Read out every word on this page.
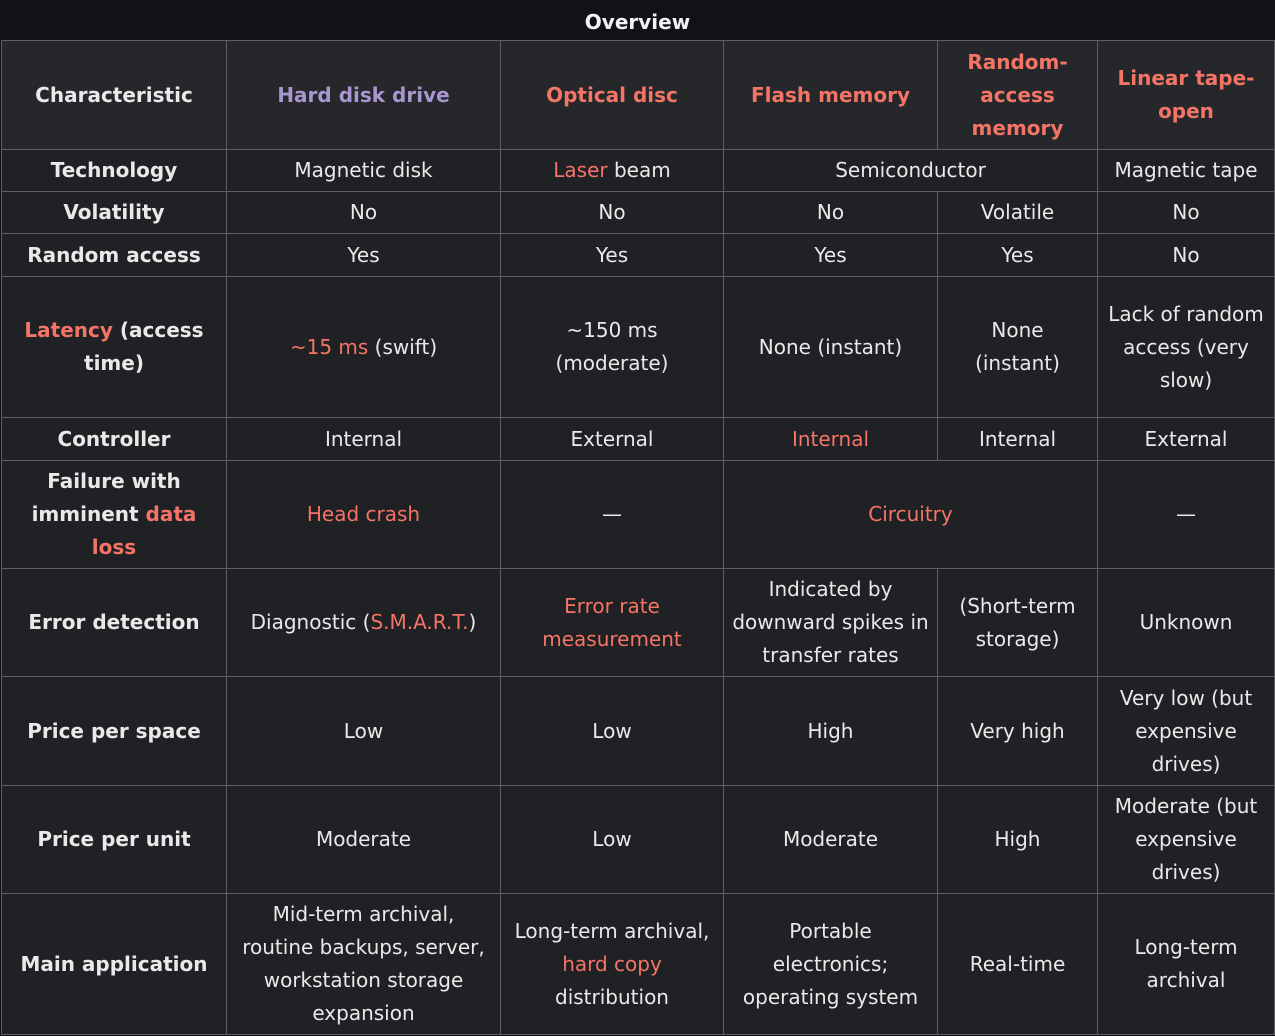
Overview
Characteristic	Hard disk drive	Optical disc	Flash memory	Random-access memory	Linear tape-open
Technology	Magnetic disk	Laser beam	Semiconductor		Magnetic tape
Volatility	No	No	No	Volatile	No
Random access	Yes	Yes	Yes	Yes	No
Latency (access time)	~15 ms (swift)	~150 ms (moderate)	None (instant)	None (instant)	Lack of random access (very slow)
Controller	Internal	External	Internal	Internal	External
Failure with imminent data loss	Head crash	—	Circuitry		—
Error detection	Diagnostic (S.M.A.R.T.)	Error rate measurement	Indicated by downward spikes in transfer rates	(Short-term storage)	Unknown
Price per space	Low	Low	High	Very high	Very low (but expensive drives)
Price per unit	Moderate	Low	Moderate	High	Moderate (but expensive drives)
Main application	Mid-term archival, routine backups, server, workstation storage expansion	Long-term archival, hard copy distribution	Portable electronics; operating system	Real-time	Long-term archival
